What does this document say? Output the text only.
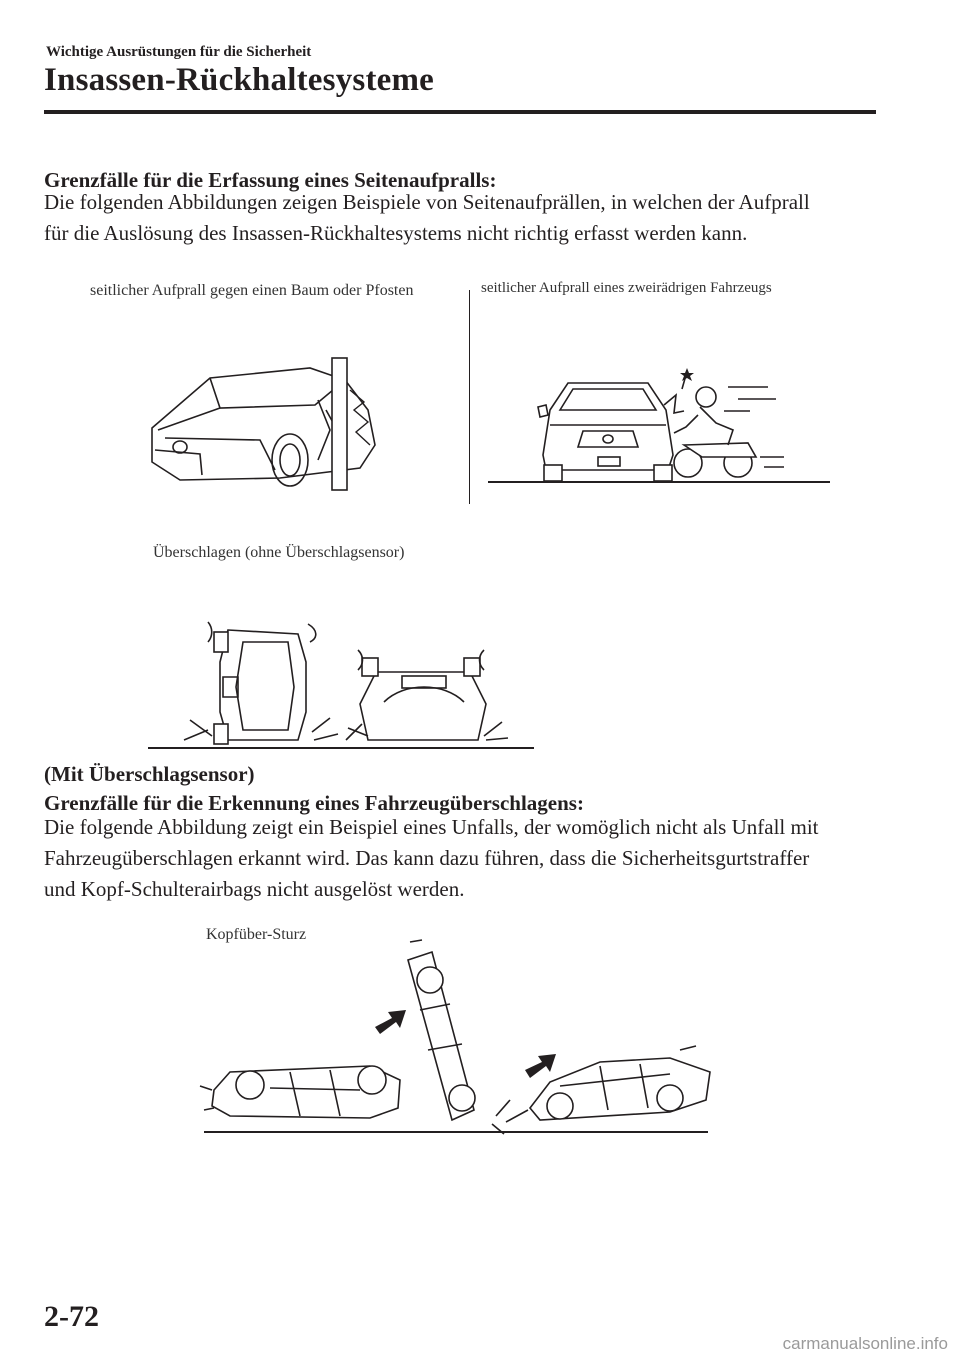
Wichtige Ausrüstungen für die Sicherheit
Insassen-Rückhaltesysteme
Grenzfälle für die Erfassung eines Seitenaufpralls:
Die folgenden Abbildungen zeigen Beispiele von Seitenaufprällen, in welchen der Aufprall
für die Auslösung des Insassen-Rückhaltesystems nicht richtig erfasst werden kann.
seitlicher Aufprall gegen einen Baum oder Pfosten	seitlicher Aufprall eines zweirädrigen Fahrzeugs
Überschlagen (ohne Überschlagsensor)
(Mit Überschlagsensor)
Grenzfälle für die Erkennung eines Fahrzeugüberschlagens:
Die folgende Abbildung zeigt ein Beispiel eines Unfalls, der womöglich nicht als Unfall mit
Fahrzeugüberschlagen erkannt wird. Das kann dazu führen, dass die Sicherheitsgurtstraffer
und Kopf-Schulterairbags nicht ausgelöst werden.
Kopfüber-Sturz
2-72
carmanualsonline.info
